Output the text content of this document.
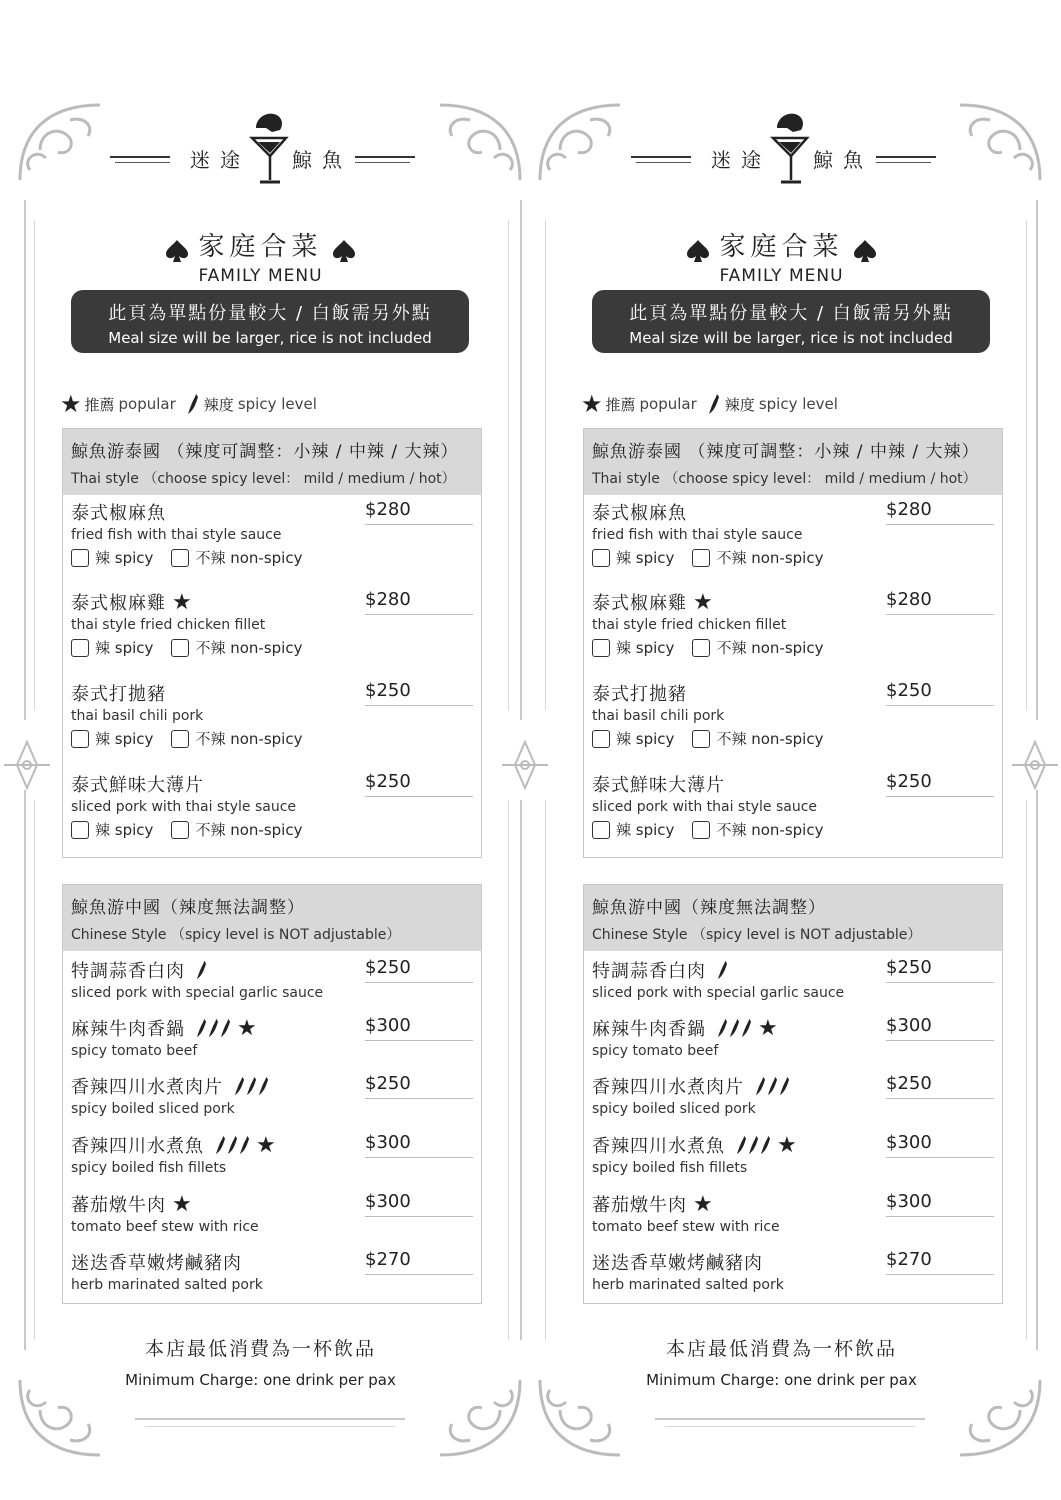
迷途 鯨魚
家庭合菜
FAMILY MENU
此頁為單點份量較大 / 白飯需另外點
Meal size will be larger, rice is not included
★ 推薦 popular 辣度 spicy level
鯨魚游泰國 （辣度可調整：小辣 / 中辣 / 大辣）
Thai style （choose spicy level： mild / medium / hot）
泰式椒麻魚
fried fish with thai style sauce
$280
辣
spicy	不辣
non-spicy
泰式椒麻雞 ★
thai style fried chicken fillet
$280
辣
spicy	不辣
non-spicy
泰式打拋豬
thai basil chili pork
$250
辣
spicy	不辣
non-spicy
泰式鮮味大薄片
sliced pork with thai style sauce
$250
辣
spicy	不辣
non-spicy
鯨魚游中國（辣度無法調整）
Chinese Style （spicy level is NOT adjustable）
特調蒜香白肉
sliced pork with special garlic sauce
$250
麻辣牛肉香鍋 ★
spicy tomato beef
$300
香辣四川水煮肉片
spicy boiled sliced pork
$250
香辣四川水煮魚 ★
spicy boiled fish fillets
$300
蕃茄燉牛肉 ★
tomato beef stew with rice
$300
迷迭香草嫩烤鹹豬肉
herb marinated salted pork
$270
本店最低消費為一杯飲品
Minimum Charge: one drink per pax
迷途 鯨魚
家庭合菜
FAMILY MENU
此頁為單點份量較大 / 白飯需另外點
Meal size will be larger, rice is not included
★ 推薦 popular 辣度 spicy level
鯨魚游泰國 （辣度可調整：小辣 / 中辣 / 大辣）
Thai style （choose spicy level： mild / medium / hot）
泰式椒麻魚
fried fish with thai style sauce
$280
辣
spicy	不辣
non-spicy
泰式椒麻雞 ★
thai style fried chicken fillet
$280
辣
spicy	不辣
non-spicy
泰式打拋豬
thai basil chili pork
$250
辣
spicy	不辣
non-spicy
泰式鮮味大薄片
sliced pork with thai style sauce
$250
辣
spicy	不辣
non-spicy
鯨魚游中國（辣度無法調整）
Chinese Style （spicy level is NOT adjustable）
特調蒜香白肉
sliced pork with special garlic sauce
$250
麻辣牛肉香鍋 ★
spicy tomato beef
$300
香辣四川水煮肉片
spicy boiled sliced pork
$250
香辣四川水煮魚 ★
spicy boiled fish fillets
$300
蕃茄燉牛肉 ★
tomato beef stew with rice
$300
迷迭香草嫩烤鹹豬肉
herb marinated salted pork
$270
本店最低消費為一杯飲品
Minimum Charge: one drink per pax
